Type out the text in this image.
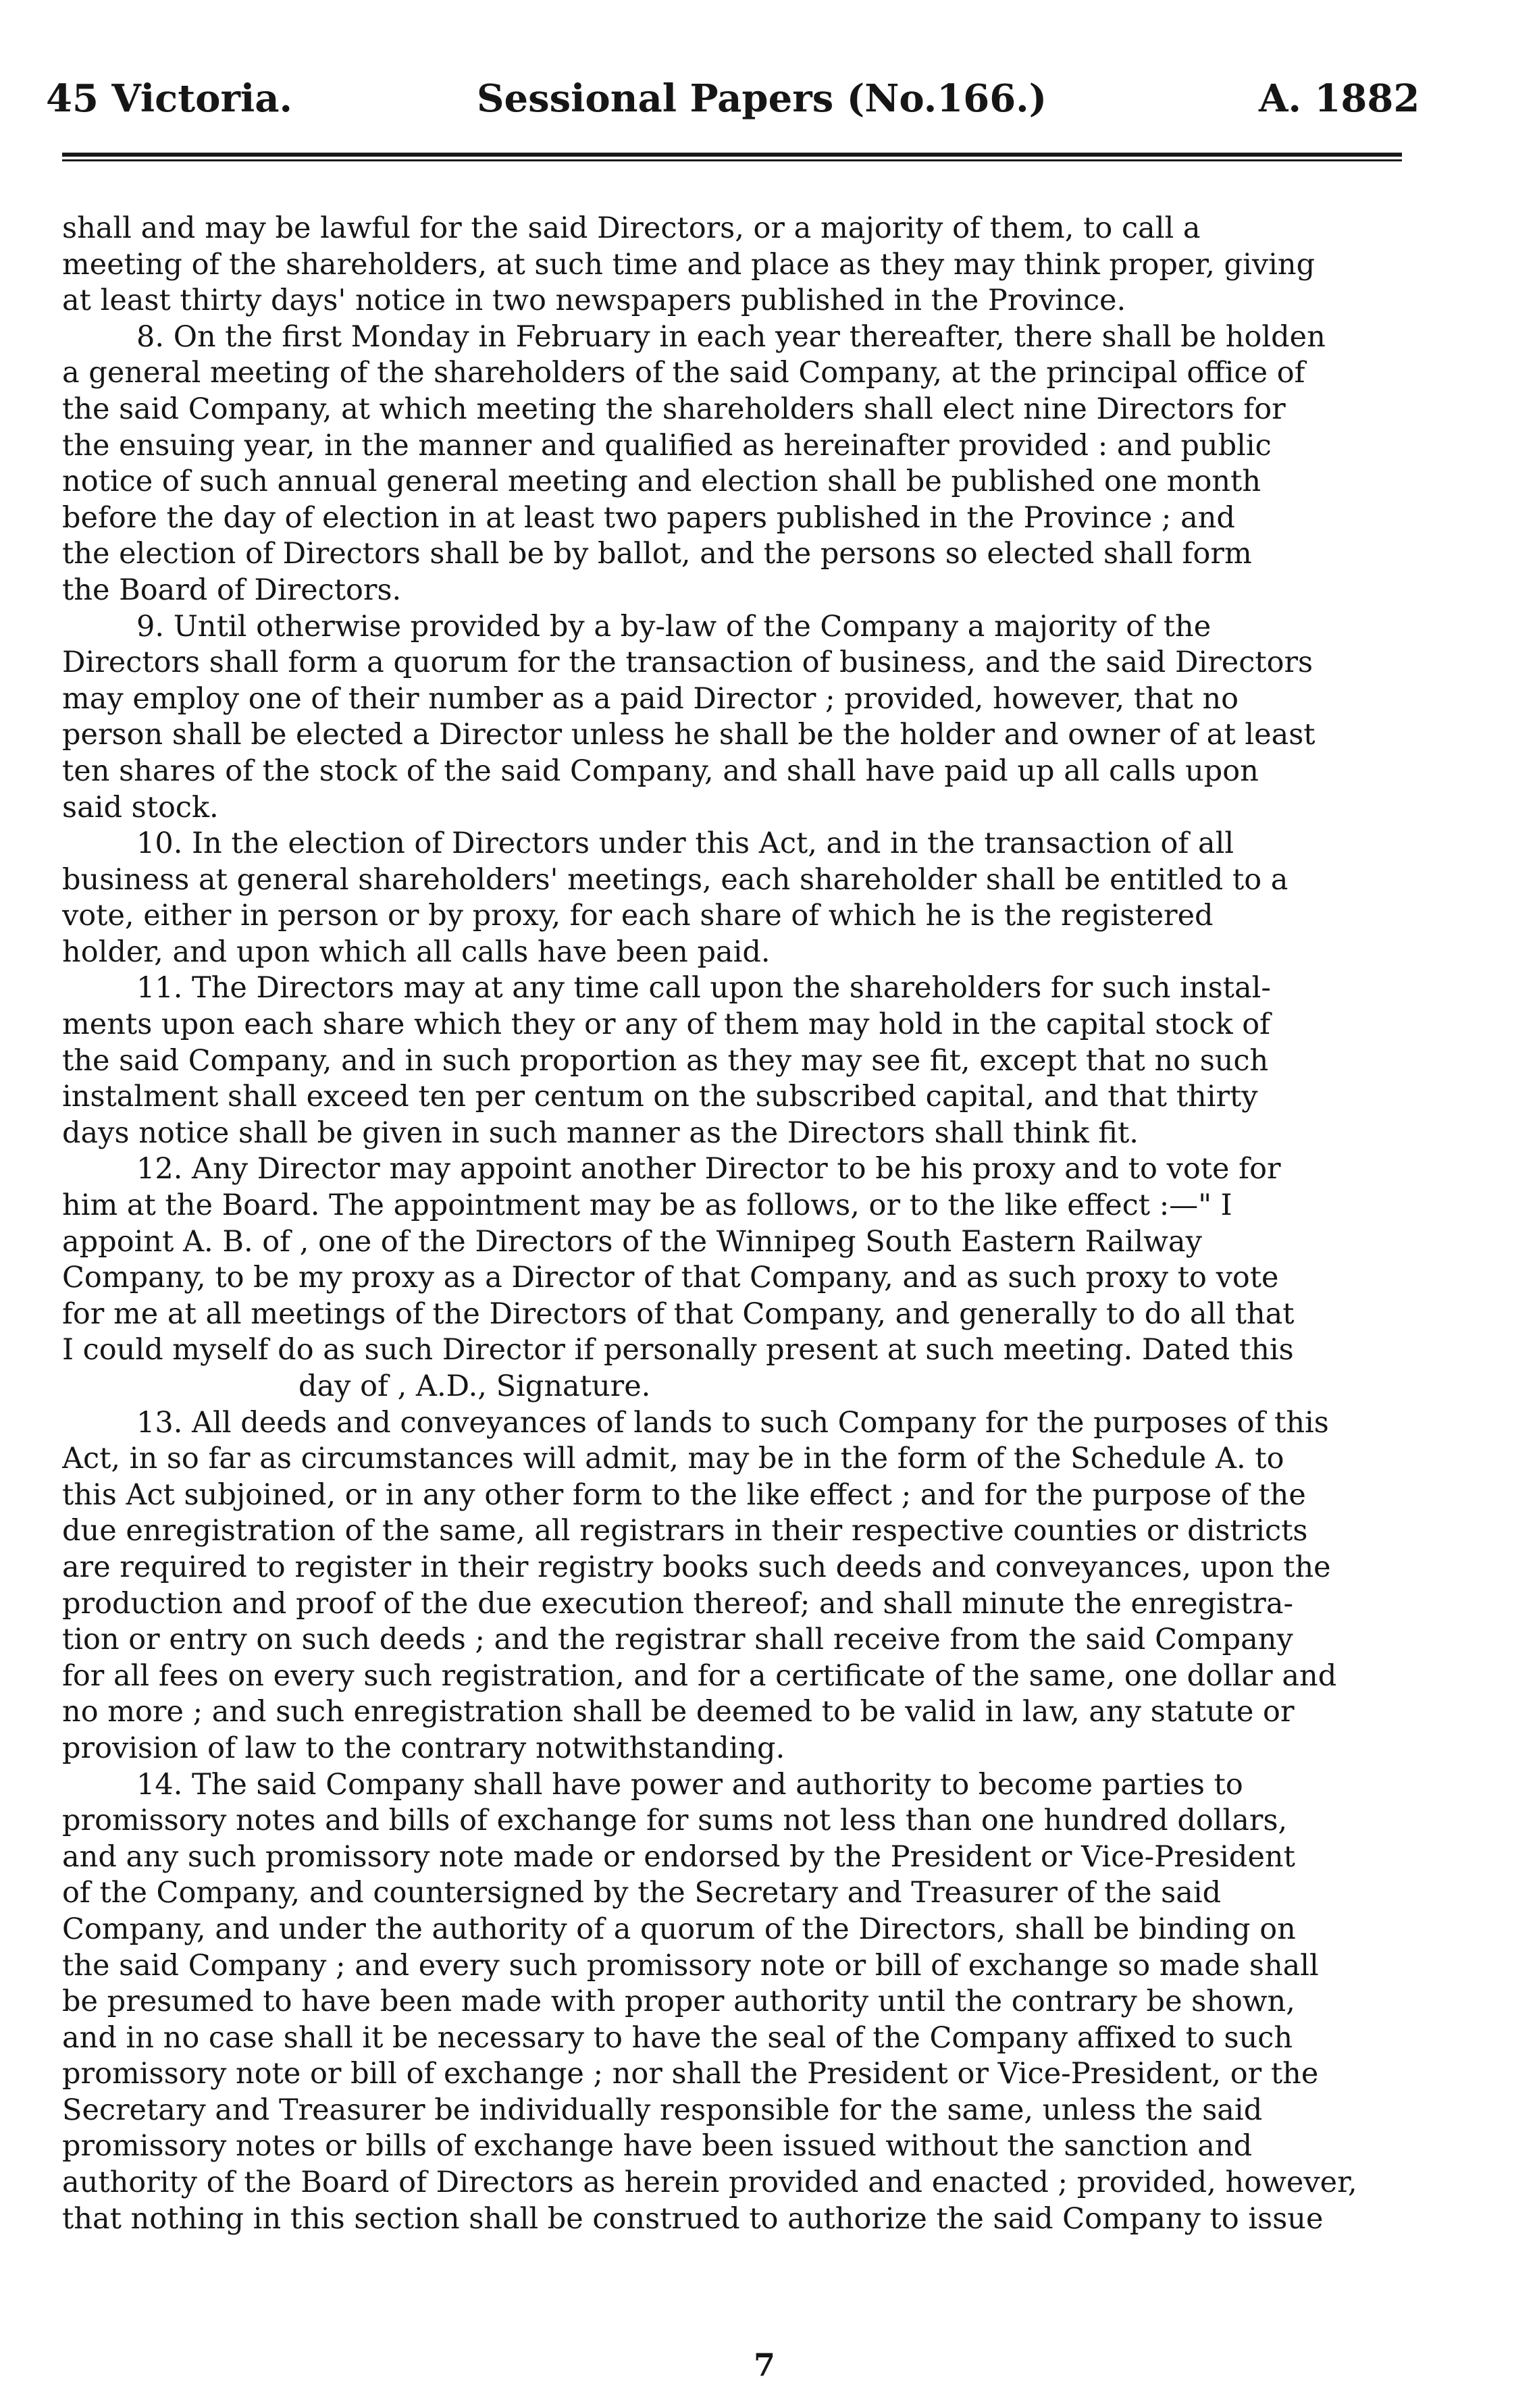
45 Victoria.	Sessional Papers (No.166.)	A. 1882
shall and may be lawful for the said Directors, or a majority of them, to call a
meeting of the shareholders, at such time and place as they may think proper, giving
at least thirty days' notice in two newspapers published in the Province.
8. On the first Monday in February in each year thereafter, there shall be holden
a general meeting of the shareholders of the said Company, at the principal office of
the said Company, at which meeting the shareholders shall elect nine Directors for
the ensuing year, in the manner and qualified as hereinafter provided : and public
notice of such annual general meeting and election shall be published one month
before the day of election in at least two papers published in the Province ; and
the election of Directors shall be by ballot, and the persons so elected shall form
the Board of Directors.
9. Until otherwise provided by a by-law of the Company a majority of the
Directors shall form a quorum for the transaction of business, and the said Directors
may employ one of their number as a paid Director ; provided, however, that no
person shall be elected a Director unless he shall be the holder and owner of at least
ten shares of the stock of the said Company, and shall have paid up all calls upon
said stock.
10. In the election of Directors under this Act, and in the transaction of all
business at general shareholders' meetings, each shareholder shall be entitled to a
vote, either in person or by proxy, for each share of which he is the registered
holder, and upon which all calls have been paid.
11. The Directors may at any time call upon the shareholders for such instal-
ments upon each share which they or any of them may hold in the capital stock of
the said Company, and in such proportion as they may see fit, except that no such
instalment shall exceed ten per centum on the subscribed capital, and that thirty
days notice shall be given in such manner as the Directors shall think fit.
12. Any Director may appoint another Director to be his proxy and to vote for
him at the Board. The appointment may be as follows, or to the like effect :—" I
appoint A. B. of , one of the Directors of the Winnipeg South Eastern Railway
Company, to be my proxy as a Director of that Company, and as such proxy to vote
for me at all meetings of the Directors of that Company, and generally to do all that
I could myself do as such Director if personally present at such meeting. Dated this
day of , A.D., Signature.
13. All deeds and conveyances of lands to such Company for the purposes of this
Act, in so far as circumstances will admit, may be in the form of the Schedule A. to
this Act subjoined, or in any other form to the like effect ; and for the purpose of the
due enregistration of the same, all registrars in their respective counties or districts
are required to register in their registry books such deeds and conveyances, upon the
production and proof of the due execution thereof; and shall minute the enregistra-
tion or entry on such deeds ; and the registrar shall receive from the said Company
for all fees on every such registration, and for a certificate of the same, one dollar and
no more ; and such enregistration shall be deemed to be valid in law, any statute or
provision of law to the contrary notwithstanding.
14. The said Company shall have power and authority to become parties to
promissory notes and bills of exchange for sums not less than one hundred dollars,
and any such promissory note made or endorsed by the President or Vice-President
of the Company, and countersigned by the Secretary and Treasurer of the said
Company, and under the authority of a quorum of the Directors, shall be binding on
the said Company ; and every such promissory note or bill of exchange so made shall
be presumed to have been made with proper authority until the contrary be shown,
and in no case shall it be necessary to have the seal of the Company affixed to such
promissory note or bill of exchange ; nor shall the President or Vice-President, or the
Secretary and Treasurer be individually responsible for the same, unless the said
promissory notes or bills of exchange have been issued without the sanction and
authority of the Board of Directors as herein provided and enacted ; provided, however,
that nothing in this section shall be construed to authorize the said Company to issue
7
